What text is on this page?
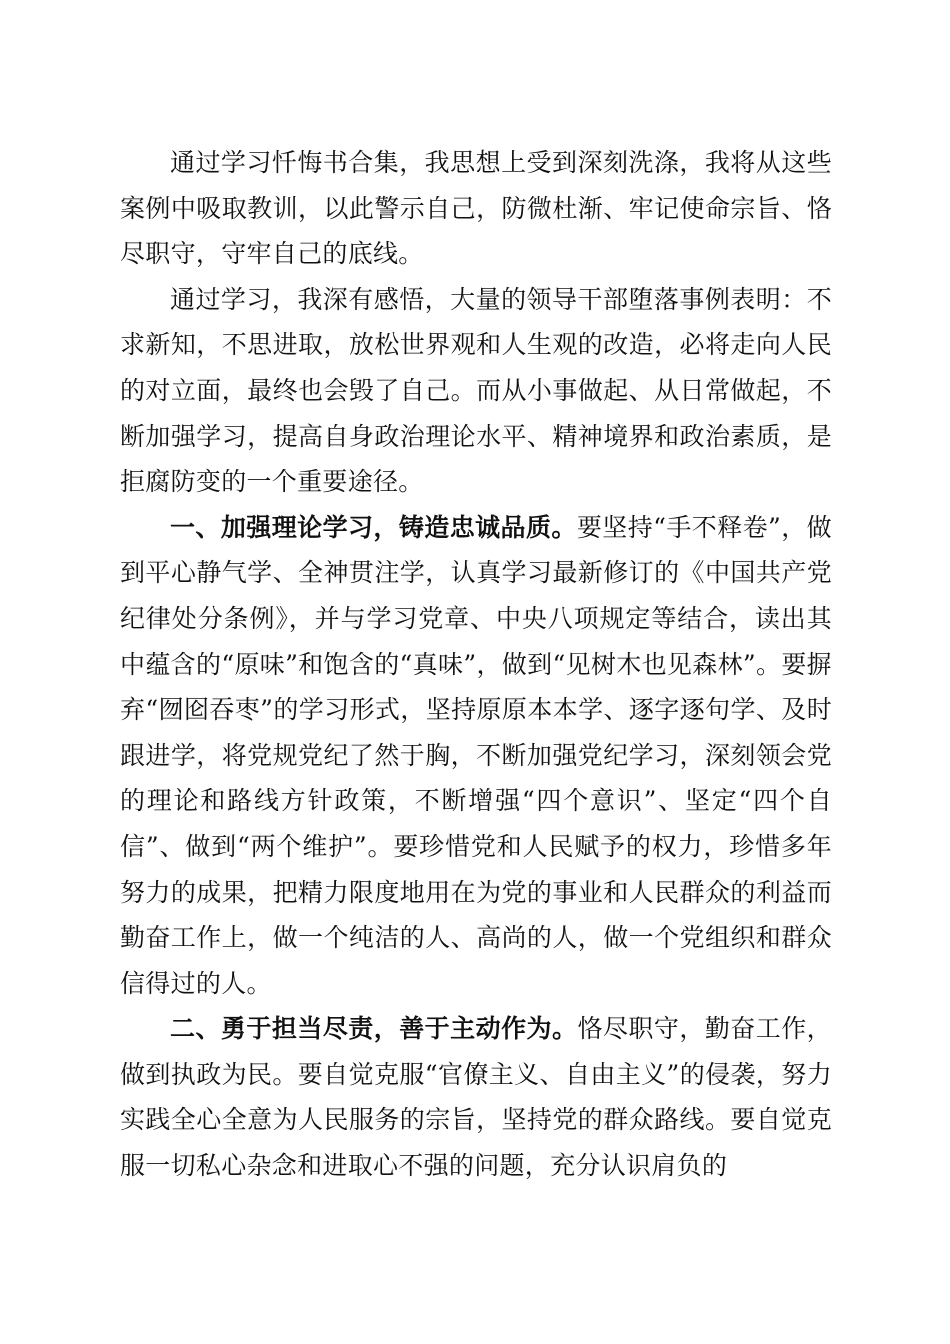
通过学习忏悔书合集，我思想上受到深刻洗涤，我将从这些案例中吸取教训，以此警示自己，防微杜渐、牢记使命宗旨、恪尽职守，守牢自己的底线。

通过学习，我深有感悟，大量的领导干部堕落事例表明：不求新知，不思进取，放松世界观和人生观的改造，必将走向人民的对立面，最终也会毁了自己。而从小事做起、从日常做起，不断加强学习，提高自身政治理论水平、精神境界和政治素质，是拒腐防变的一个重要途径。

一、加强理论学习，铸造忠诚品质。要坚持“手不释卷”，做到平心静气学、全神贯注学，认真学习最新修订的《中国共产党纪律处分条例》，并与学习党章、中央八项规定等结合，读出其中蕴含的“原味”和饱含的“真味”，做到“见树木也见森林”。要摒弃“囫囵吞枣”的学习形式，坚持原原本本学、逐字逐句学、及时跟进学，将党规党纪了然于胸，不断加强党纪学习，深刻领会党的理论和路线方针政策，不断增强“四个意识”、坚定“四个自信”、做到“两个维护”。要珍惜党和人民赋予的权力，珍惜多年努力的成果，把精力限度地用在为党的事业和人民群众的利益而勤奋工作上，做一个纯洁的人、高尚的人，做一个党组织和群众信得过的人。

二、勇于担当尽责，善于主动作为。恪尽职守，勤奋工作，做到执政为民。要自觉克服“官僚主义、自由主义”的侵袭，努力实践全心全意为人民服务的宗旨，坚持党的群众路线。要自觉克服一切私心杂念和进取心不强的问题，充分认识肩负的
